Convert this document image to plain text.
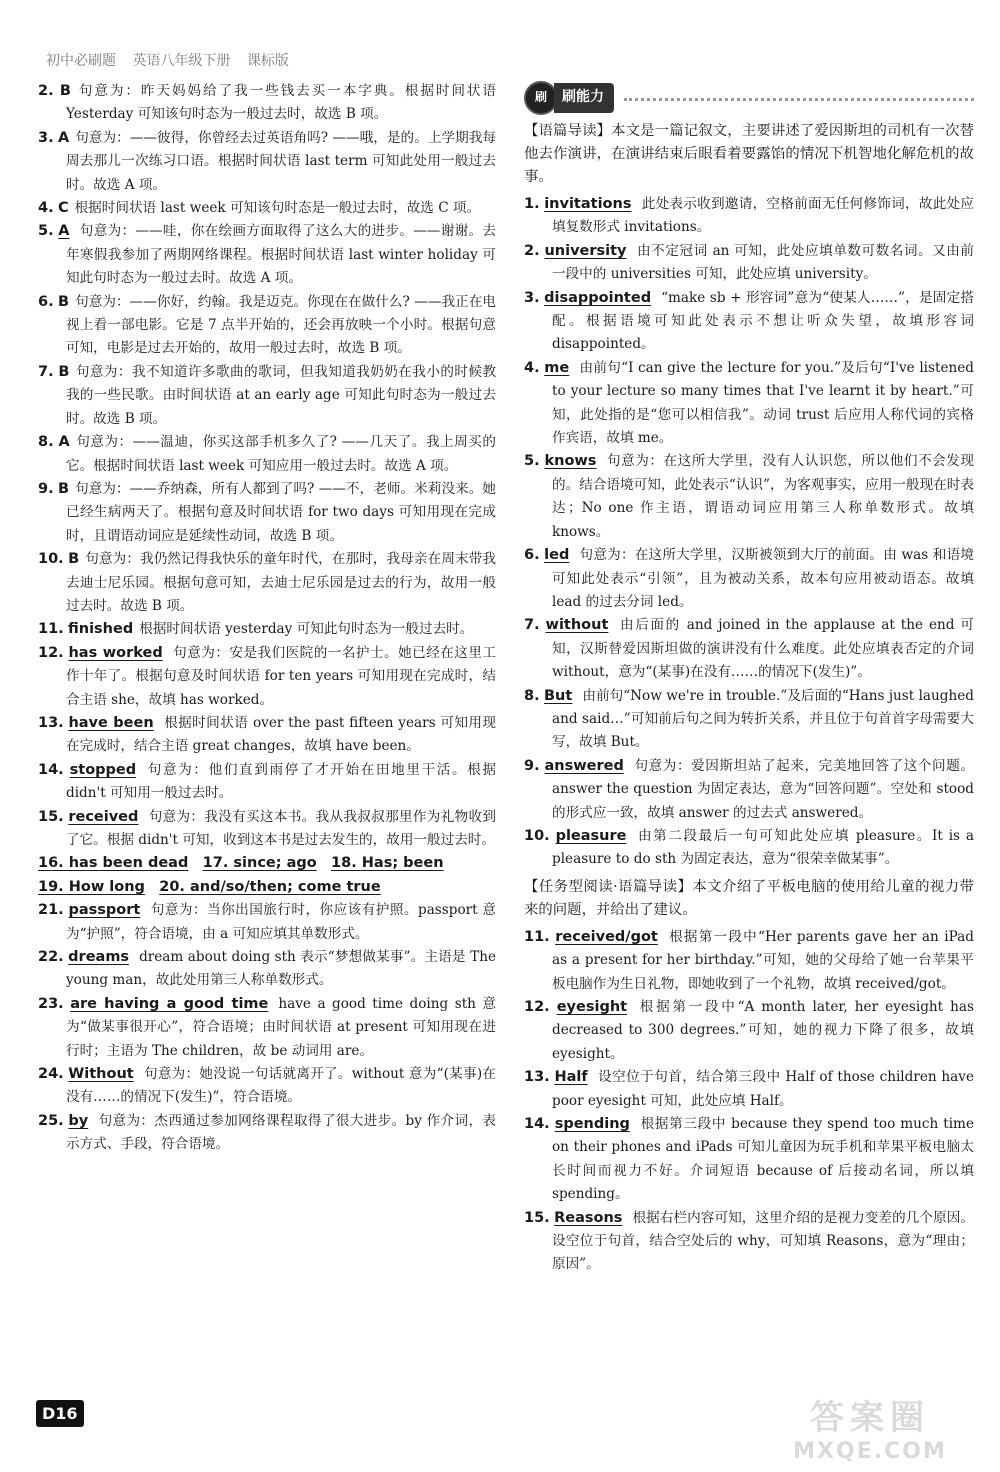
初中必刷题 英语八年级下册 课标版

2. B 句意为：昨天妈妈给了我一些钱去买一本字典。根据时间状语 Yesterday 可知该句时态为一般过去时，故选 B 项。

3. A 句意为：——彼得，你曾经去过英语角吗? ——哦，是的。上学期我每周去那儿一次练习口语。根据时间状语 last term 可知此处用一般过去时。故选 A 项。

4. C 根据时间状语 last week 可知该句时态是一般过去时，故选 C 项。

5. A 句意为：——哇，你在绘画方面取得了这么大的进步。——谢谢。去年寒假我参加了两期网络课程。根据时间状语 last winter holiday 可知此句时态为一般过去时。故选 A 项。

6. B 句意为：——你好，约翰。我是迈克。你现在在做什么? ——我正在电视上看一部电影。它是 7 点半开始的，还会再放映一个小时。根据句意可知，电影是过去开始的，故用一般过去时，故选 B 项。

7. B 句意为：我不知道许多歌曲的歌词，但我知道我奶奶在我小的时候教我的一些民歌。由时间状语 at an early age 可知此句时态为一般过去时。故选 B 项。

8. A 句意为：——温迪，你买这部手机多久了? ——几天了。我上周买的它。根据时间状语 last week 可知应用一般过去时。故选 A 项。

9. B 句意为：——乔纳森，所有人都到了吗? ——不，老师。米莉没来。她已经生病两天了。根据句意及时间状语 for two days 可知用现在完成时，且谓语动词应是延续性动词，故选 B 项。

10. B 句意为：我仍然记得我快乐的童年时代，在那时，我母亲在周末带我去迪士尼乐园。根据句意可知，去迪士尼乐园是过去的行为，故用一般过去时。故选 B 项。

11. finished 根据时间状语 yesterday 可知此句时态为一般过去时。

12. has worked 句意为：安是我们医院的一名护士。她已经在这里工作十年了。根据句意及时间状语 for ten years 可知用现在完成时，结合主语 she，故填 has worked。

13. have been 根据时间状语 over the past fifteen years 可知用现在完成时，结合主语 great changes，故填 have been。

14. stopped 句意为：他们直到雨停了才开始在田地里干活。根据 didn't 可知用一般过去时。

15. received 句意为：我没有买这本书。我从我叔叔那里作为礼物收到了它。根据 didn't 可知，收到这本书是过去发生的，故用一般过去时。

16. has been dead 17. since; ago 18. Has; been

19. How long 20. and/so/then; come true

21. passport 句意为：当你出国旅行时，你应该有护照。passport 意为“护照”，符合语境，由 a 可知应填其单数形式。

22. dreams dream about doing sth 表示“梦想做某事”。主语是 The young man，故此处用第三人称单数形式。

23. are having a good time have a good time doing sth 意为“做某事很开心”，符合语境；由时间状语 at present 可知用现在进行时；主语为 The children，故 be 动词用 are。

24. Without 句意为：她没说一句话就离开了。without 意为“(某事)在没有……的情况下(发生)”，符合语境。

25. by 句意为：杰西通过参加网络课程取得了很大进步。by 作介词，表示方式、手段，符合语境。

刷	刷能力

【语篇导读】本文是一篇记叙文，主要讲述了爱因斯坦的司机有一次替他去作演讲，在演讲结束后眼看着要露馅的情况下机智地化解危机的故事。

1. invitations 此处表示收到邀请，空格前面无任何修饰词，故此处应填复数形式 invitations。

2. university 由不定冠词 an 可知，此处应填单数可数名词。又由前一段中的 universities 可知，此处应填 university。

3. disappointed “make sb + 形容词”意为“使某人……”，是固定搭配。根据语境可知此处表示不想让听众失望，故填形容词 disappointed。

4. me 由前句“I can give the lecture for you.”及后句“I've listened to your lecture so many times that I've learnt it by heart.”可知，此处指的是“您可以相信我”。动词 trust 后应用人称代词的宾格作宾语，故填 me。

5. knows 句意为：在这所大学里，没有人认识您，所以他们不会发现的。结合语境可知，此处表示“认识”，为客观事实，应用一般现在时表达；No one 作主语，谓语动词应用第三人称单数形式。故填 knows。

6. led 句意为：在这所大学里，汉斯被领到大厅的前面。由 was 和语境可知此处表示“引领”，且为被动关系，故本句应用被动语态。故填 lead 的过去分词 led。

7. without 由后面的 and joined in the applause at the end 可知，汉斯替爱因斯坦做的演讲没有什么难度。此处应填表否定的介词 without，意为“(某事)在没有……的情况下(发生)”。

8. But 由前句“Now we're in trouble.”及后面的“Hans just laughed and said…”可知前后句之间为转折关系，并且位于句首首字母需要大写，故填 But。

9. answered 句意为：爱因斯坦站了起来，完美地回答了这个问题。answer the question 为固定表达，意为“回答问题”。空处和 stood 的形式应一致，故填 answer 的过去式 answered。

10. pleasure 由第二段最后一句可知此处应填 pleasure。It is a pleasure to do sth 为固定表达，意为“很荣幸做某事”。

【任务型阅读·语篇导读】本文介绍了平板电脑的使用给儿童的视力带来的问题，并给出了建议。

11. received/got 根据第一段中“Her parents gave her an iPad as a present for her birthday.”可知，她的父母给了她一台苹果平板电脑作为生日礼物，即她收到了一个礼物，故填 received/got。

12. eyesight 根据第一段中“A month later, her eyesight has decreased to 300 degrees.”可知，她的视力下降了很多，故填 eyesight。

13. Half 设空位于句首，结合第三段中 Half of those children have poor eyesight 可知，此处应填 Half。

14. spending 根据第三段中 because they spend too much time on their phones and iPads 可知儿童因为玩手机和苹果平板电脑太长时间而视力不好。介词短语 because of 后接动名词，所以填 spending。

15. Reasons 根据右栏内容可知，这里介绍的是视力变差的几个原因。设空位于句首，结合空处后的 why，可知填 Reasons，意为“理由；原因”。

D16	答案圈
MXQE.COM
